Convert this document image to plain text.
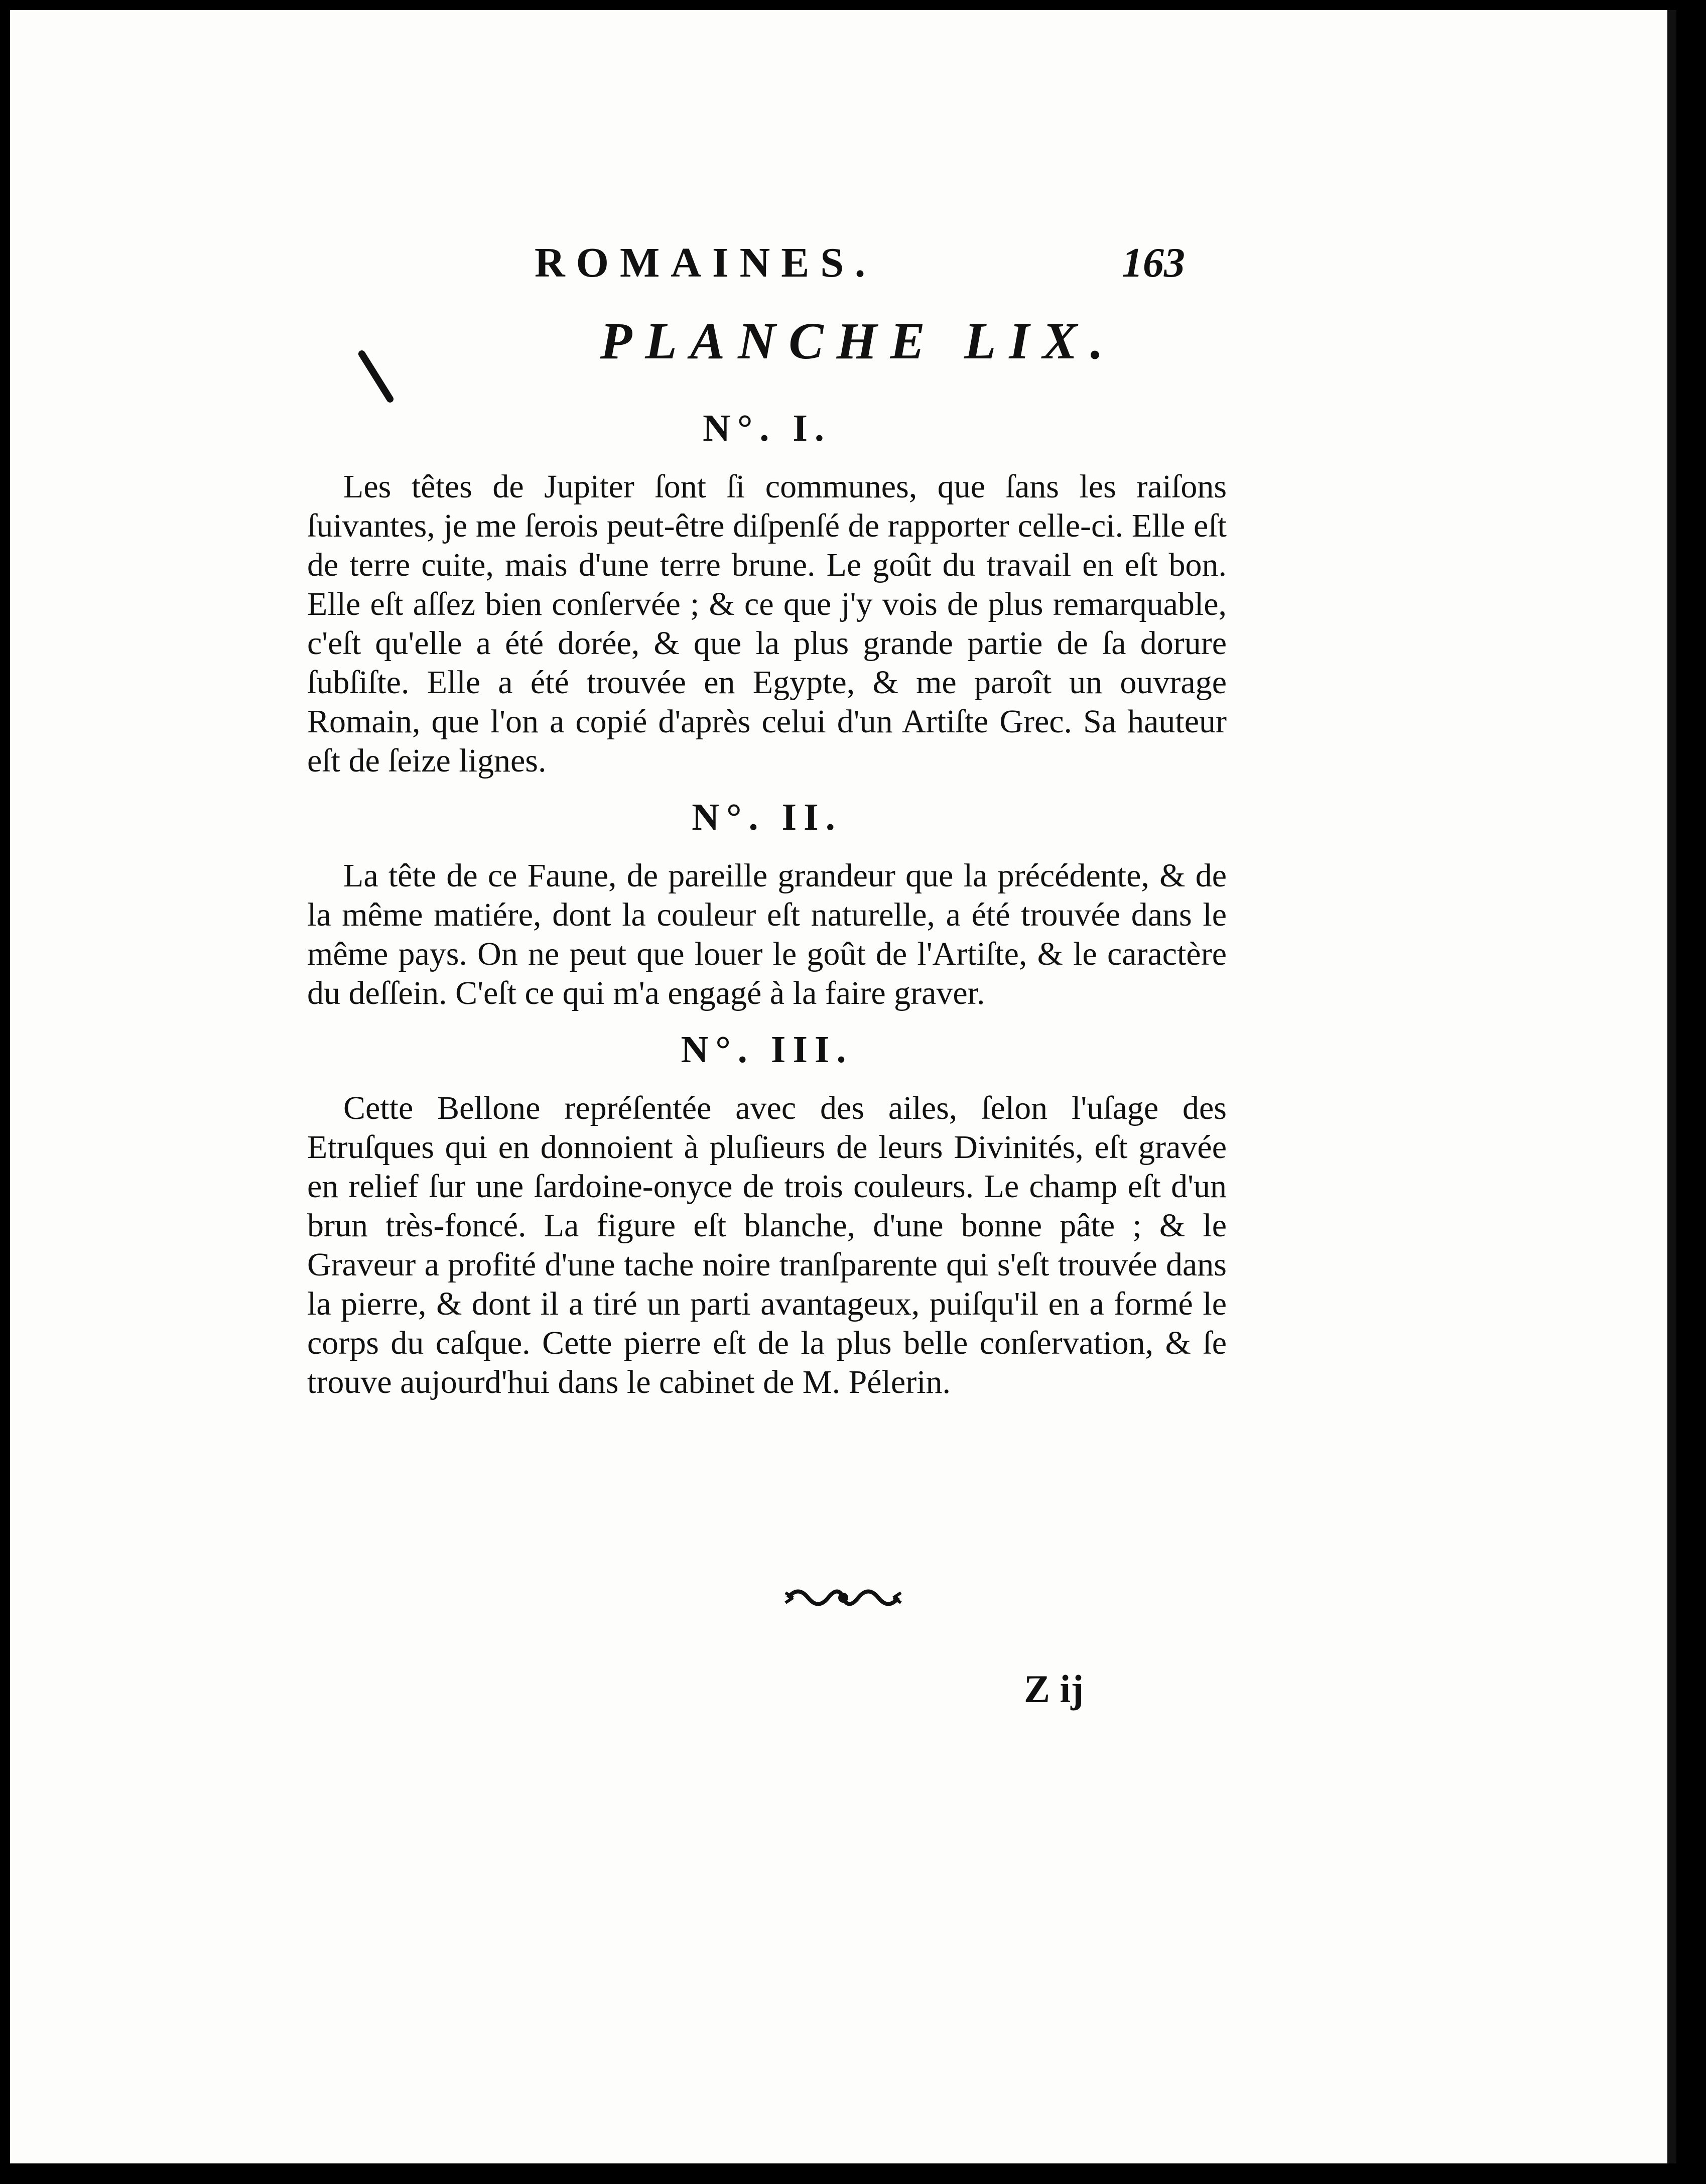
ROMAINES.	163
PLANCHE LIX.
N°. I.

Les têtes de Jupiter ſont ſi communes, que ſans les raiſons ſuivantes, je me ſerois peut-être diſpenſé de rapporter celle-ci. Elle eſt de terre cuite, mais d'une terre brune. Le goût du travail en eſt bon. Elle eſt aſſez bien conſervée ; & ce que j'y vois de plus remarquable, c'eſt qu'elle a été dorée, & que la plus grande partie de ſa dorure ſubſiſte. Elle a été trouvée en Egypte, & me paroît un ouvrage Romain, que l'on a copié d'après celui d'un Artiſte Grec. Sa hauteur eſt de ſeize lignes.

N°. II.

La tête de ce Faune, de pareille grandeur que la précédente, & de la même matiére, dont la couleur eſt naturelle, a été trouvée dans le même pays. On ne peut que louer le goût de l'Artiſte, & le caractère du deſſein. C'eſt ce qui m'a engagé à la faire graver.

N°. III.

Cette Bellone repréſentée avec des ailes, ſelon l'uſage des Etruſques qui en donnoient à pluſieurs de leurs Divinités, eſt gravée en relief ſur une ſardoine-onyce de trois couleurs. Le champ eſt d'un brun très-foncé. La figure eſt blanche, d'une bonne pâte ; & le Graveur a profité d'une tache noire tranſparente qui s'eſt trouvée dans la pierre, & dont il a tiré un parti avantageux, puiſqu'il en a formé le corps du caſque. Cette pierre eſt de la plus belle conſervation, & ſe trouve aujourd'hui dans le cabinet de M. Pélerin.

Z ij
